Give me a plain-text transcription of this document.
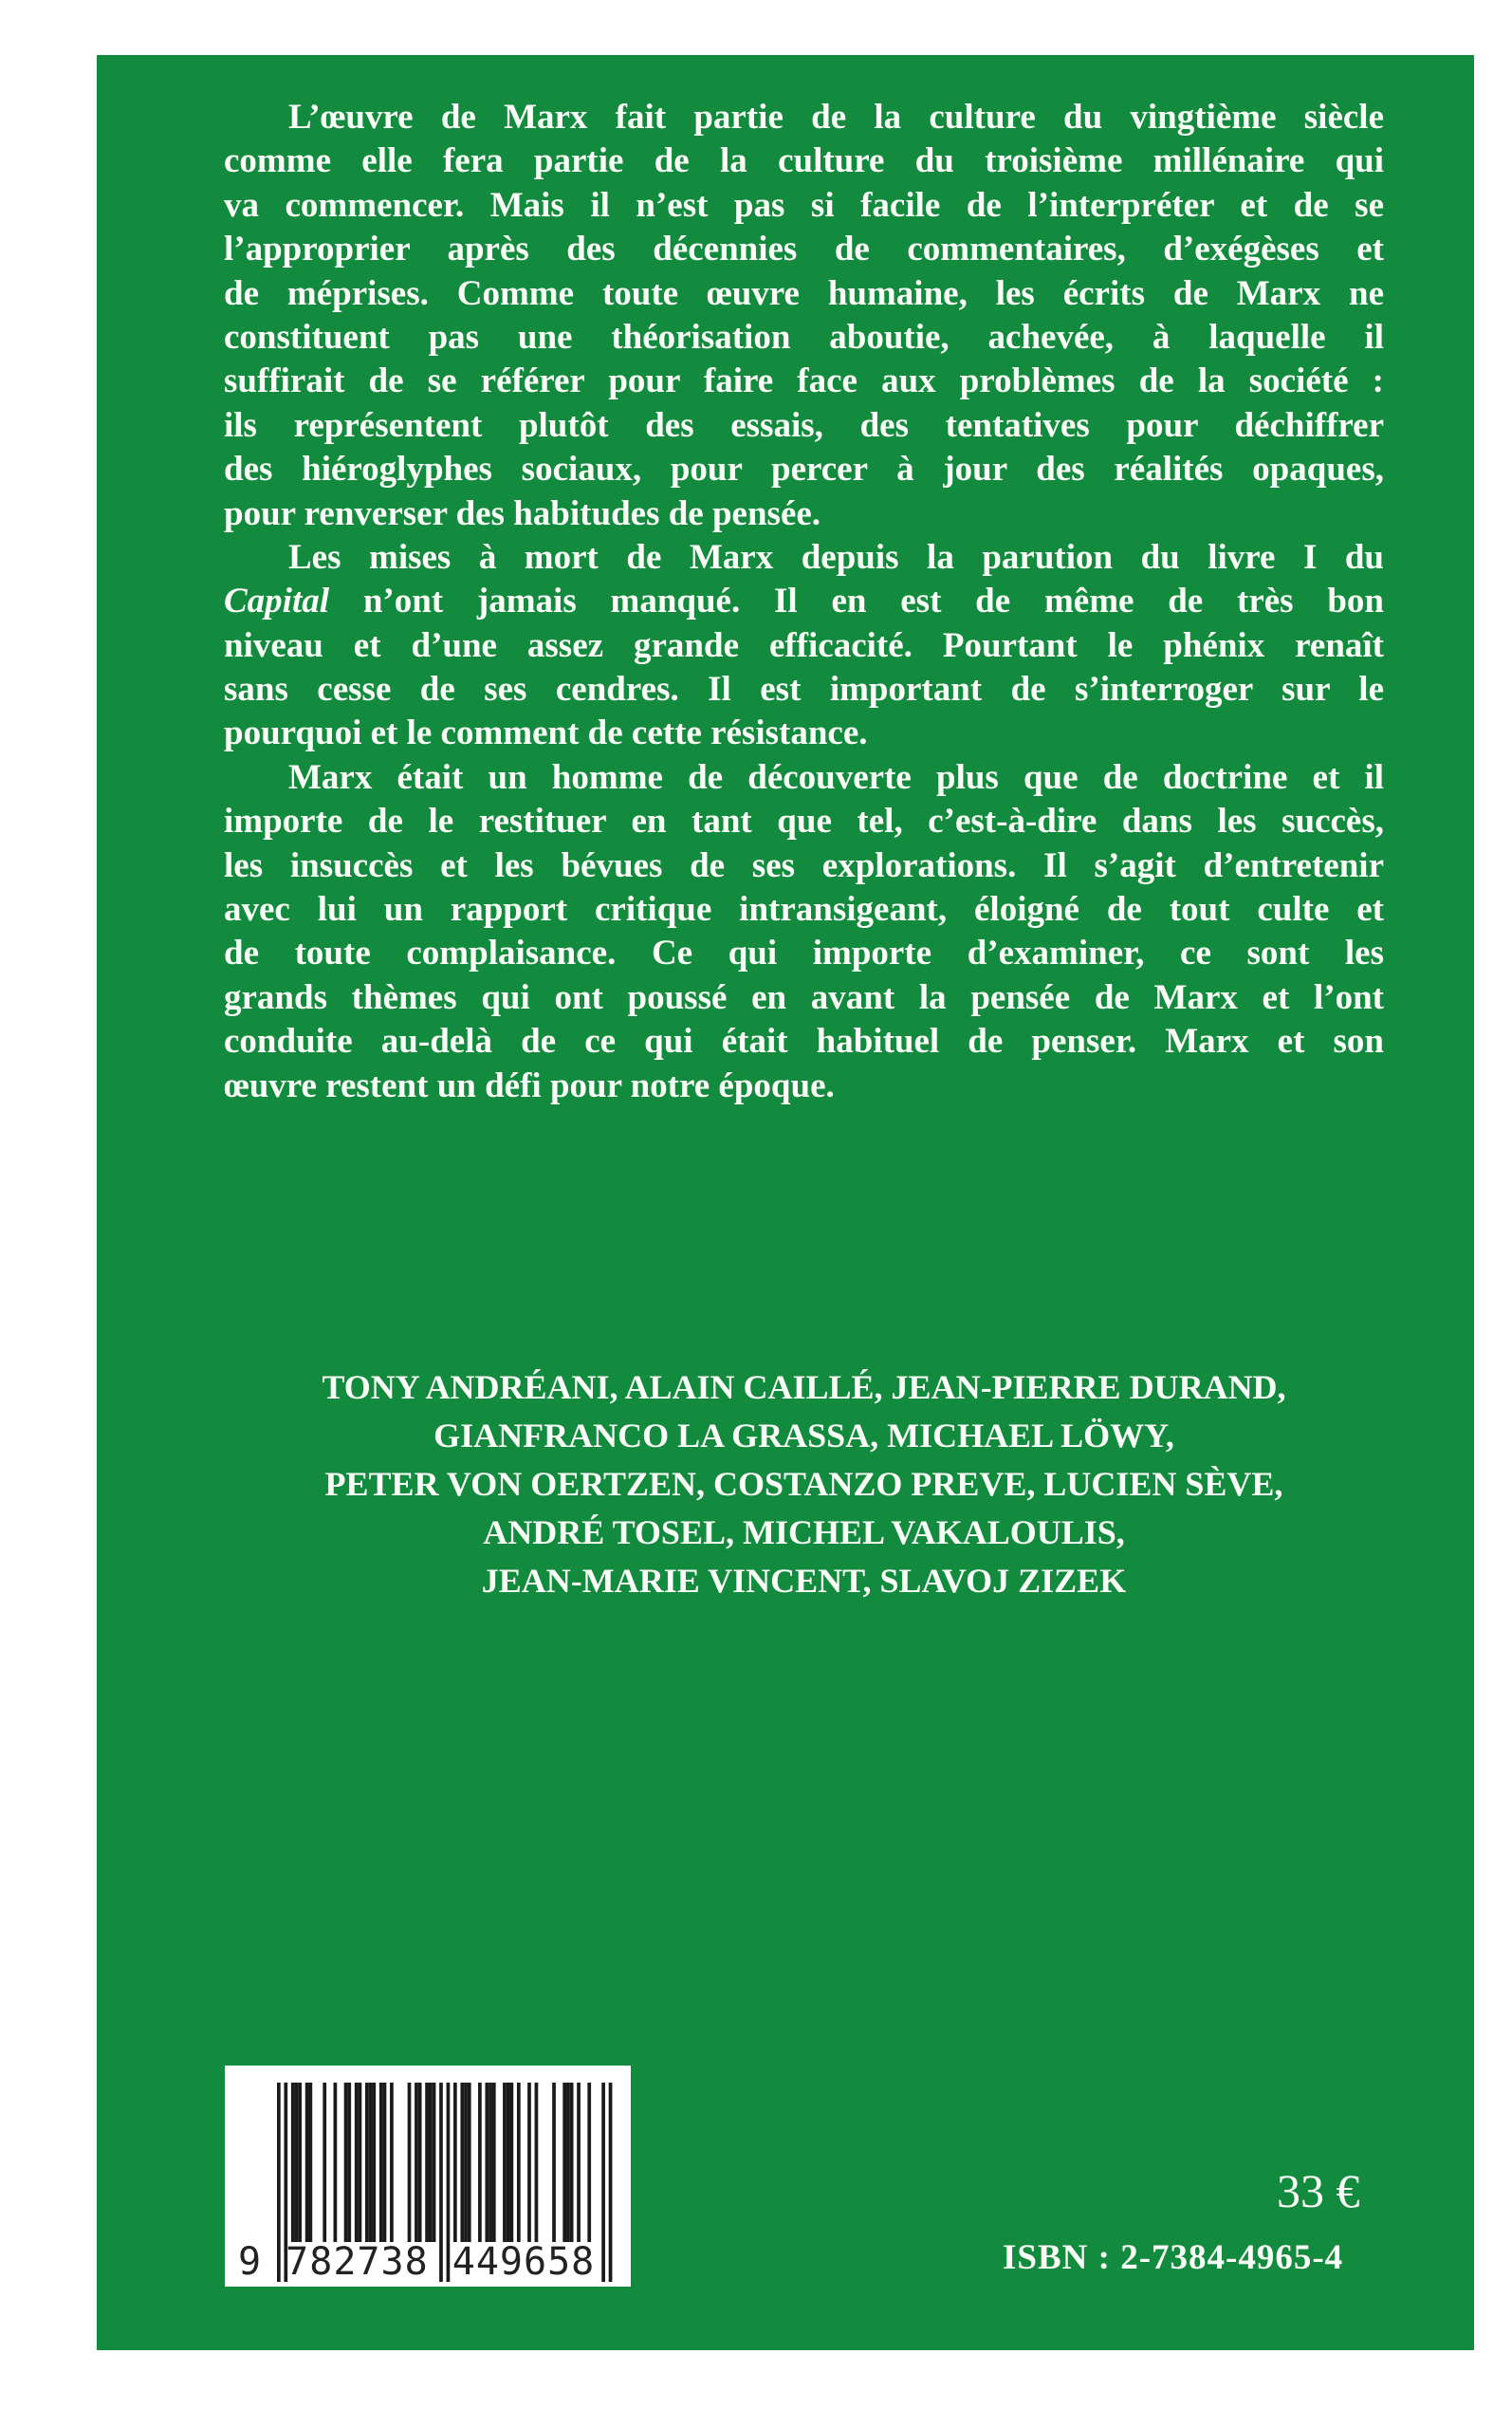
L’œuvre de Marx fait partie de la culture du vingtième siècle
comme elle fera partie de la culture du troisième millénaire qui
va commencer. Mais il n’est pas si facile de l’interpréter et de se
l’approprier après des décennies de commentaires, d’exégèses et
de méprises. Comme toute œuvre humaine, les écrits de Marx ne
constituent pas une théorisation aboutie, achevée, à laquelle il
suffirait de se référer pour faire face aux problèmes de la société :
ils représentent plutôt des essais, des tentatives pour déchiffrer
des hiéroglyphes sociaux, pour percer à jour des réalités opaques,
pour renverser des habitudes de pensée.
Les mises à mort de Marx depuis la parution du livre I du
Capital n’ont jamais manqué. Il en est de même de très bon
niveau et d’une assez grande efficacité. Pourtant le phénix renaît
sans cesse de ses cendres. Il est important de s’interroger sur le
pourquoi et le comment de cette résistance.
Marx était un homme de découverte plus que de doctrine et il
importe de le restituer en tant que tel, c’est-à-dire dans les succès,
les insuccès et les bévues de ses explorations. Il s’agit d’entretenir
avec lui un rapport critique intransigeant, éloigné de tout culte et
de toute complaisance. Ce qui importe d’examiner, ce sont les
grands thèmes qui ont poussé en avant la pensée de Marx et l’ont
conduite au-delà de ce qui était habituel de penser. Marx et son
œuvre restent un défi pour notre époque.
TONY ANDRÉANI, ALAIN CAILLÉ, JEAN-PIERRE DURAND,
GIANFRANCO LA GRASSA, MICHAEL LÖWY,
PETER VON OERTZEN, COSTANZO PREVE, LUCIEN SÈVE,
ANDRÉ TOSEL, MICHEL VAKALOULIS,
JEAN-MARIE VINCENT, SLAVOJ ZIZEK
9 782738 449658
33 €
ISBN : 2-7384-4965-4
